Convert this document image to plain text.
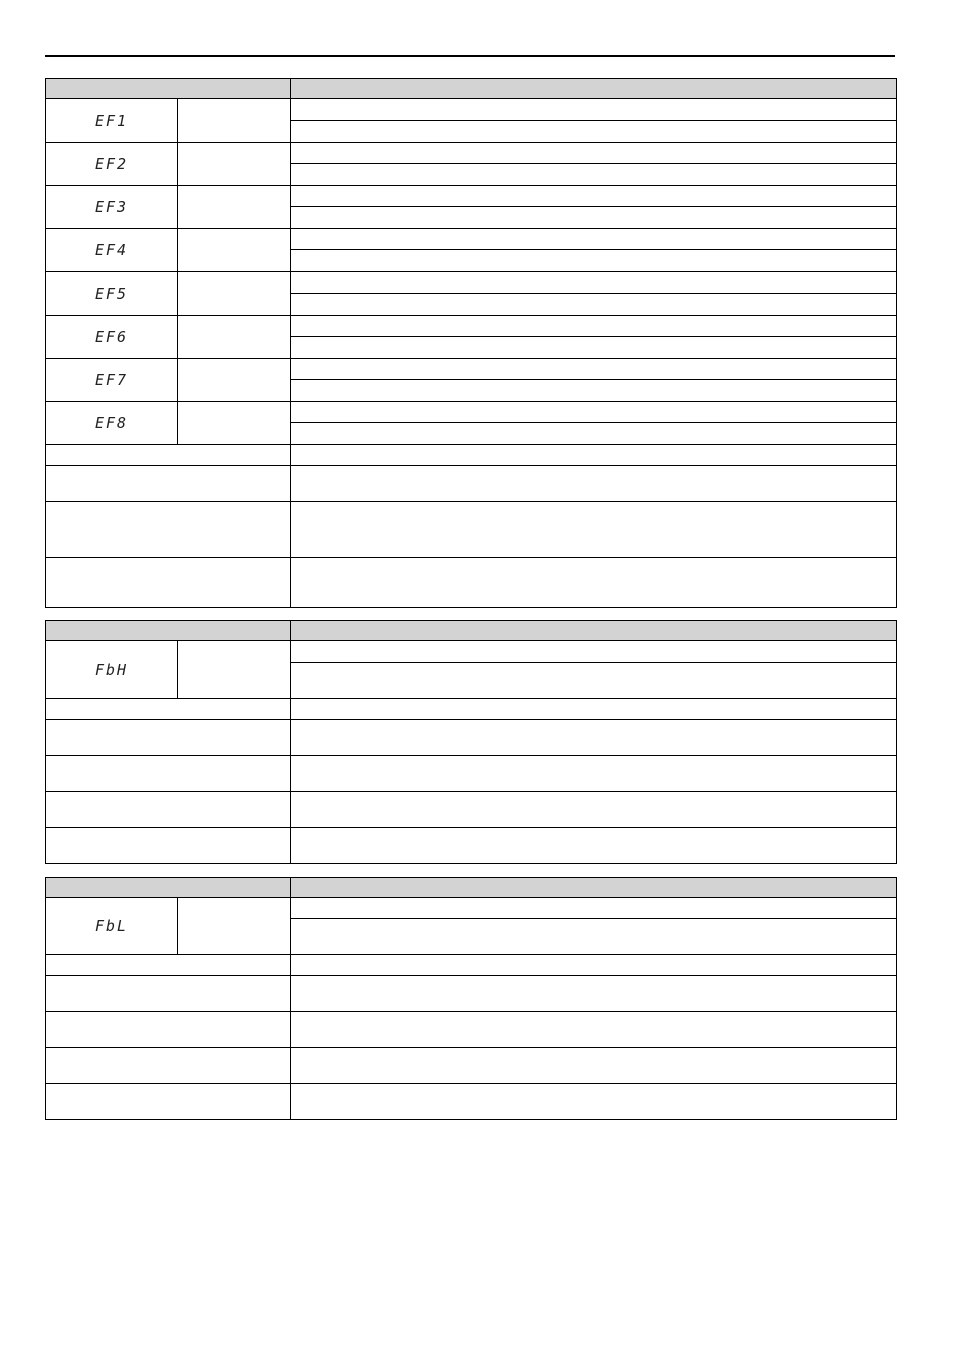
EF1		

EF2		

EF3		

EF4		

EF5		

EF6		

EF7		

EF8		

FbH		

FbL		
